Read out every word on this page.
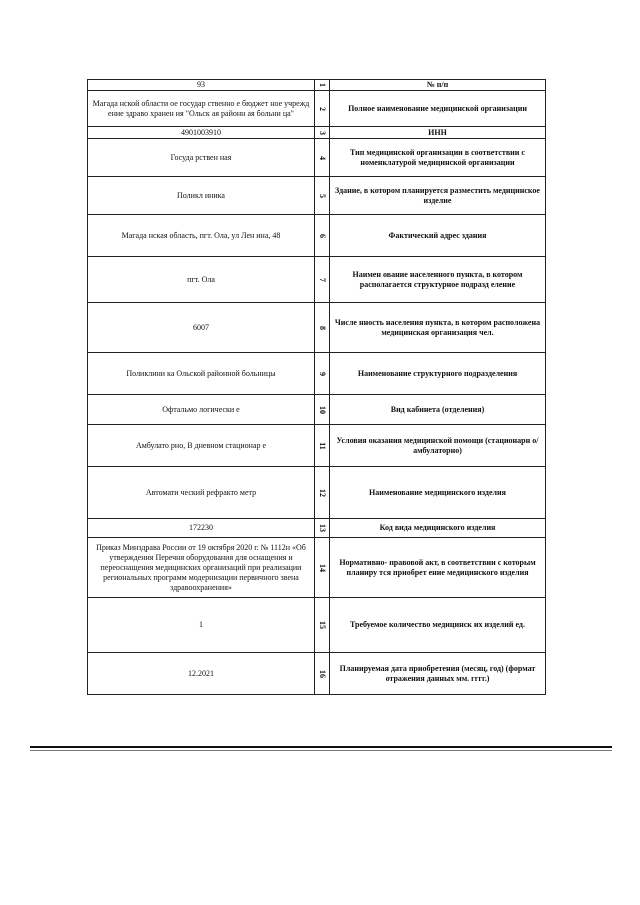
93	1	№ п/п
Магада нской области ое государ ственно е бюджет ное учрежд ение здраво хранен ия "Ольск ая районн ая больни ца"	2	Полное наименование медицинской организации
4901003910	3	ИНН
Госуда рствен ная	4	Тип медицинской организации в соответствии с номенклатурой медицинской организации
Поликл иника	5	Здание, в котором планируется разместить медицинское изделие
Магада нская область, пгт. Ола, ул Лен ина, 48	6	Фактический адрес здания
пгт. Ола	7	Наимен ование населенного пункта, в котором располагается структурное подразд еление
6007	8	Числе нность населения пункта, в котором расположена медицинская организация чел.
Поликлини ка Ольской районной больницы	9	Наименование структурного подразделения
Офтальмо логически е	10	Вид кабинета (отделения)
Амбулато рно, В дневном стационар е	11	Условия оказания медицинской помощи (стационарн о/амбулаторно)
Автомати ческий рефракто метр	12	Наименование медицинского изделия
172230	13	Код вида медицинского изделия
Приказ Минздрава России от 19 октября 2020 г. № 1112н «Об утверждения Перечня оборудования для оснащения и переоснащения медицинских организаций при реализации региональных программ модернизации первичного звена здравоохранения»	14	Нормативно- правовой акт, в соответствии с которым планиру тся приобрет ение медицинского изделия
1	15	Требуемое количество медицинск их изделий ед.
12.2021	16	Планируемая дата приобретения (месяц, год) (формат отражения данных мм. гггг.)
